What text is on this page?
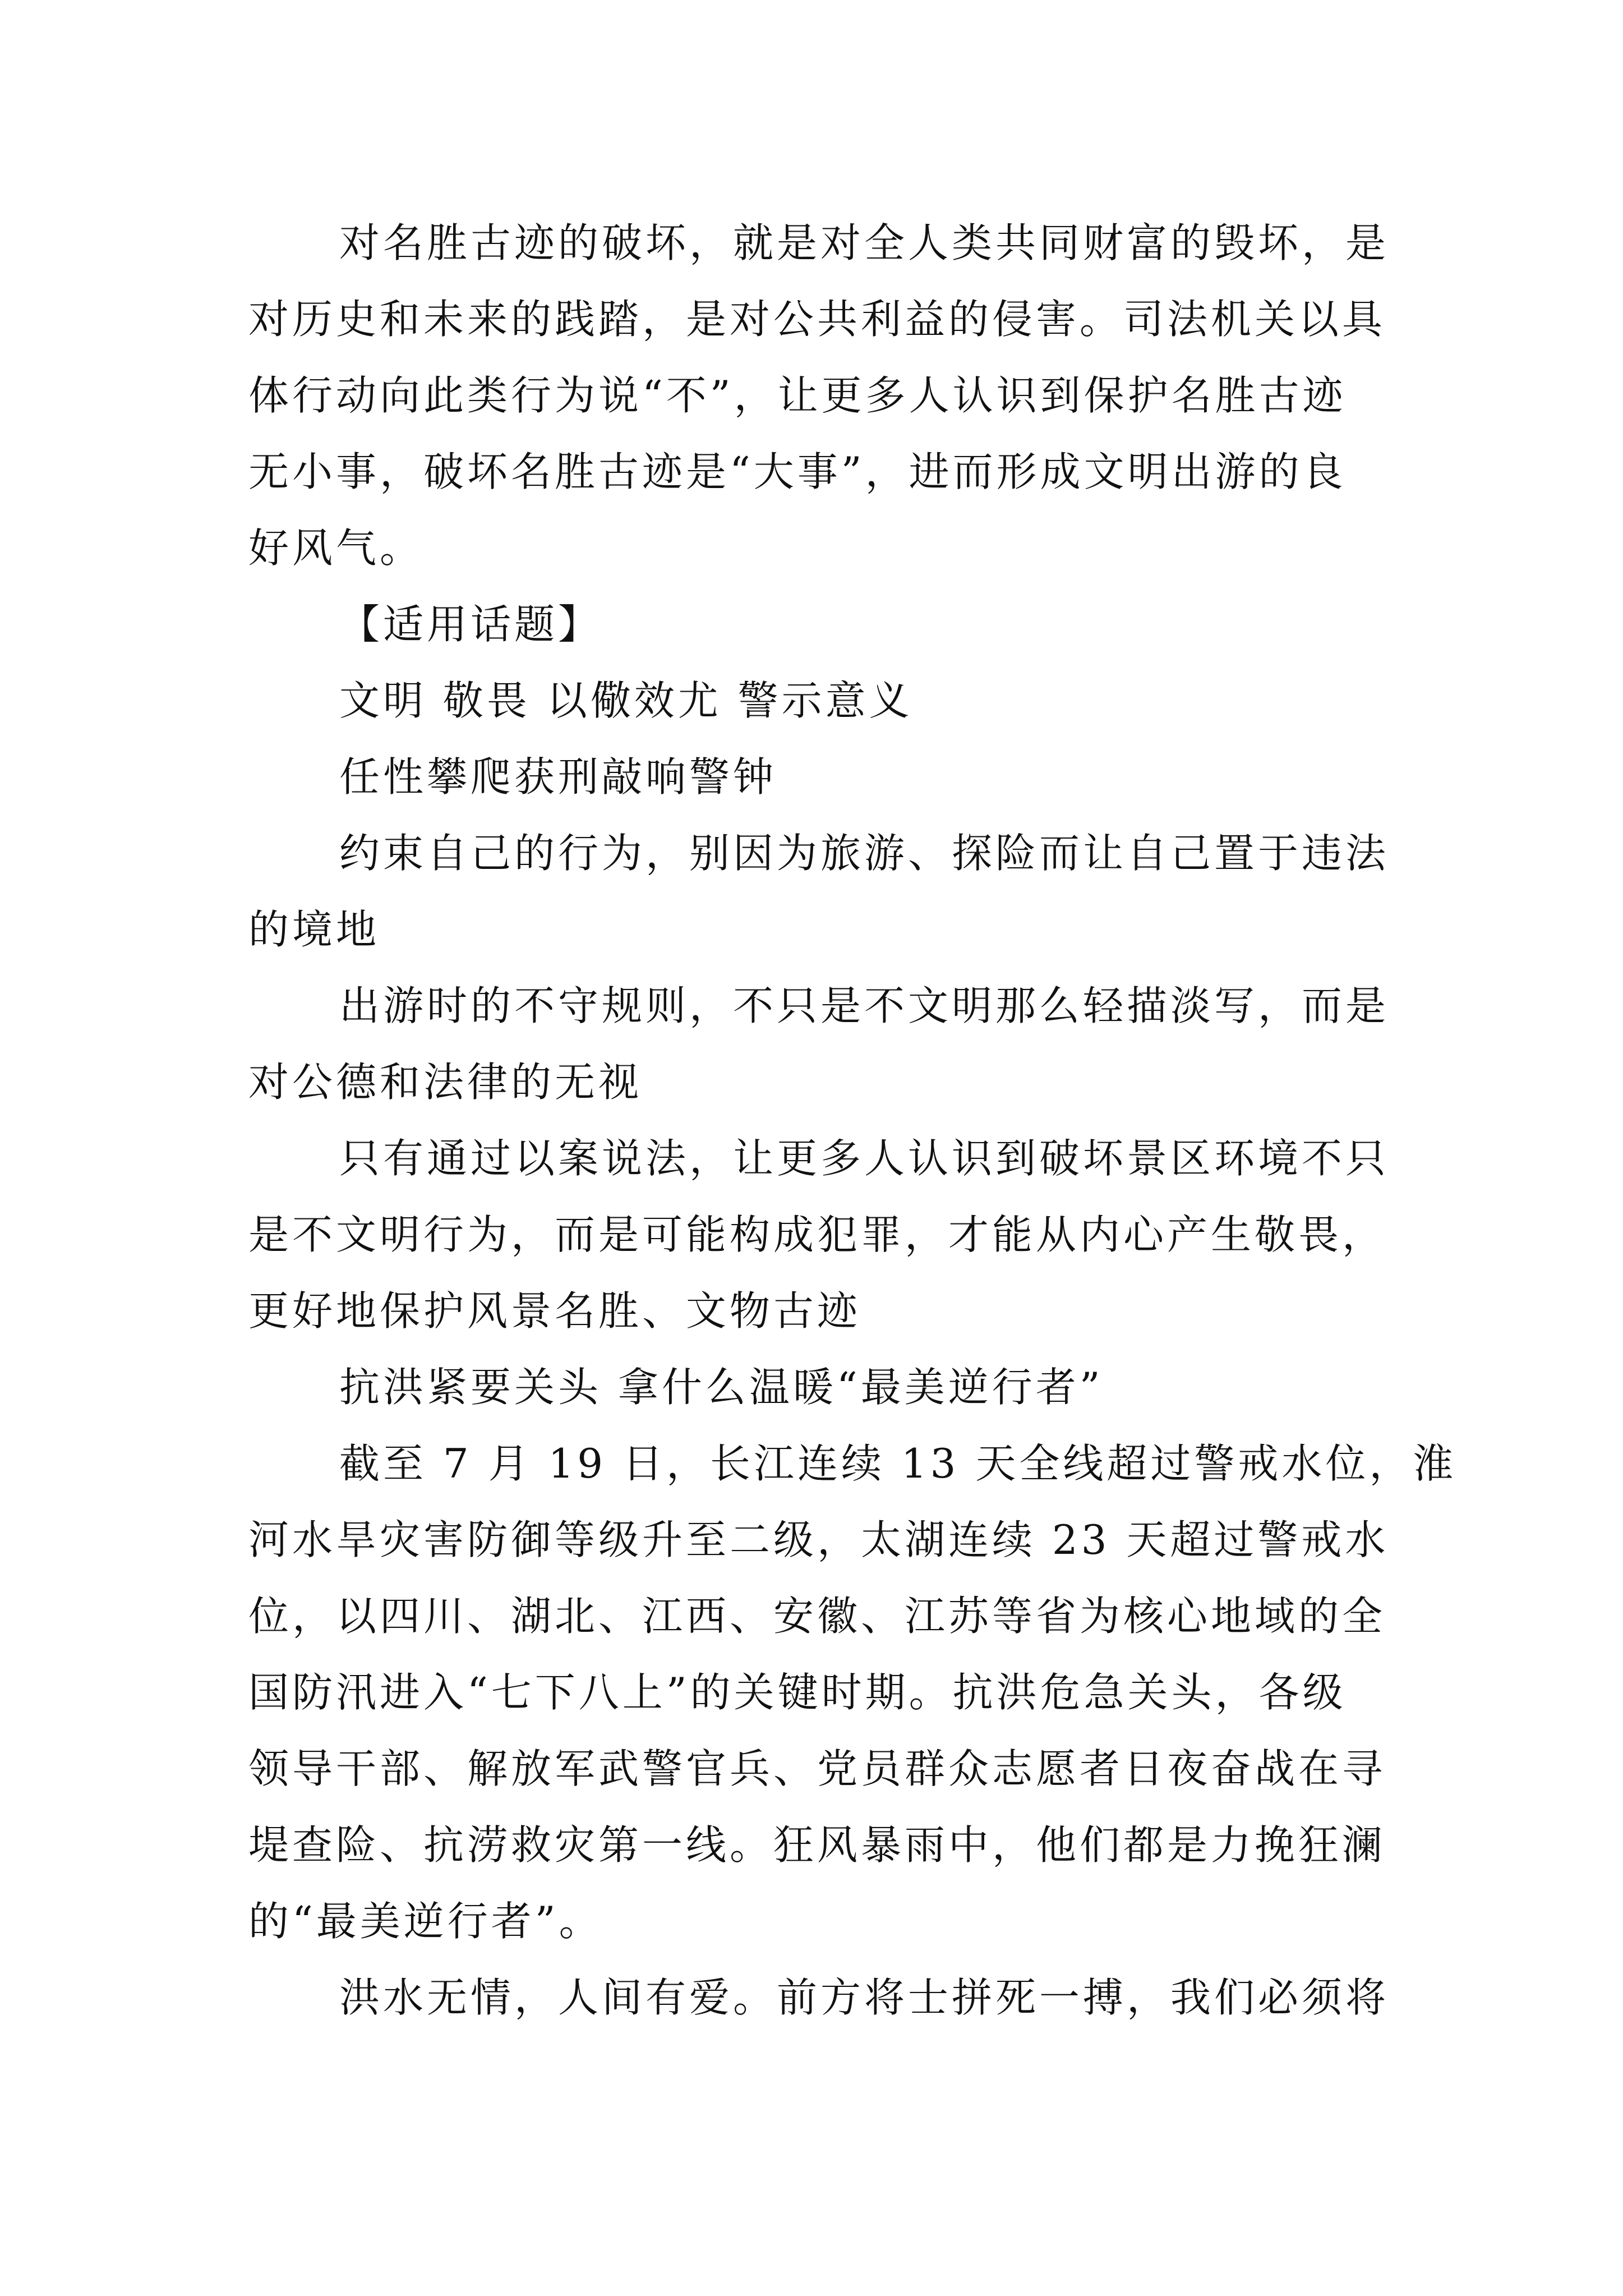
对名胜古迹的破坏，就是对全人类共同财富的毁坏，是
对历史和未来的践踏，是对公共利益的侵害。司法机关以具
体行动向此类行为说“不”，让更多人认识到保护名胜古迹
无小事，破坏名胜古迹是“大事”，进而形成文明出游的良
好风气。
【适用话题】
文明 敬畏 以儆效尤 警示意义
任性攀爬获刑敲响警钟
约束自己的行为，别因为旅游、探险而让自己置于违法
的境地
出游时的不守规则，不只是不文明那么轻描淡写，而是
对公德和法律的无视
只有通过以案说法，让更多人认识到破坏景区环境不只
是不文明行为，而是可能构成犯罪，才能从内心产生敬畏，
更好地保护风景名胜、文物古迹
抗洪紧要关头 拿什么温暖“最美逆行者”
截至 7 月 19 日，长江连续 13 天全线超过警戒水位，淮
河水旱灾害防御等级升至二级，太湖连续 23 天超过警戒水
位，以四川、湖北、江西、安徽、江苏等省为核心地域的全
国防汛进入“七下八上”的关键时期。抗洪危急关头，各级
领导干部、解放军武警官兵、党员群众志愿者日夜奋战在寻
堤查险、抗涝救灾第一线。狂风暴雨中，他们都是力挽狂澜
的“最美逆行者”。
洪水无情，人间有爱。前方将士拼死一搏，我们必须将
